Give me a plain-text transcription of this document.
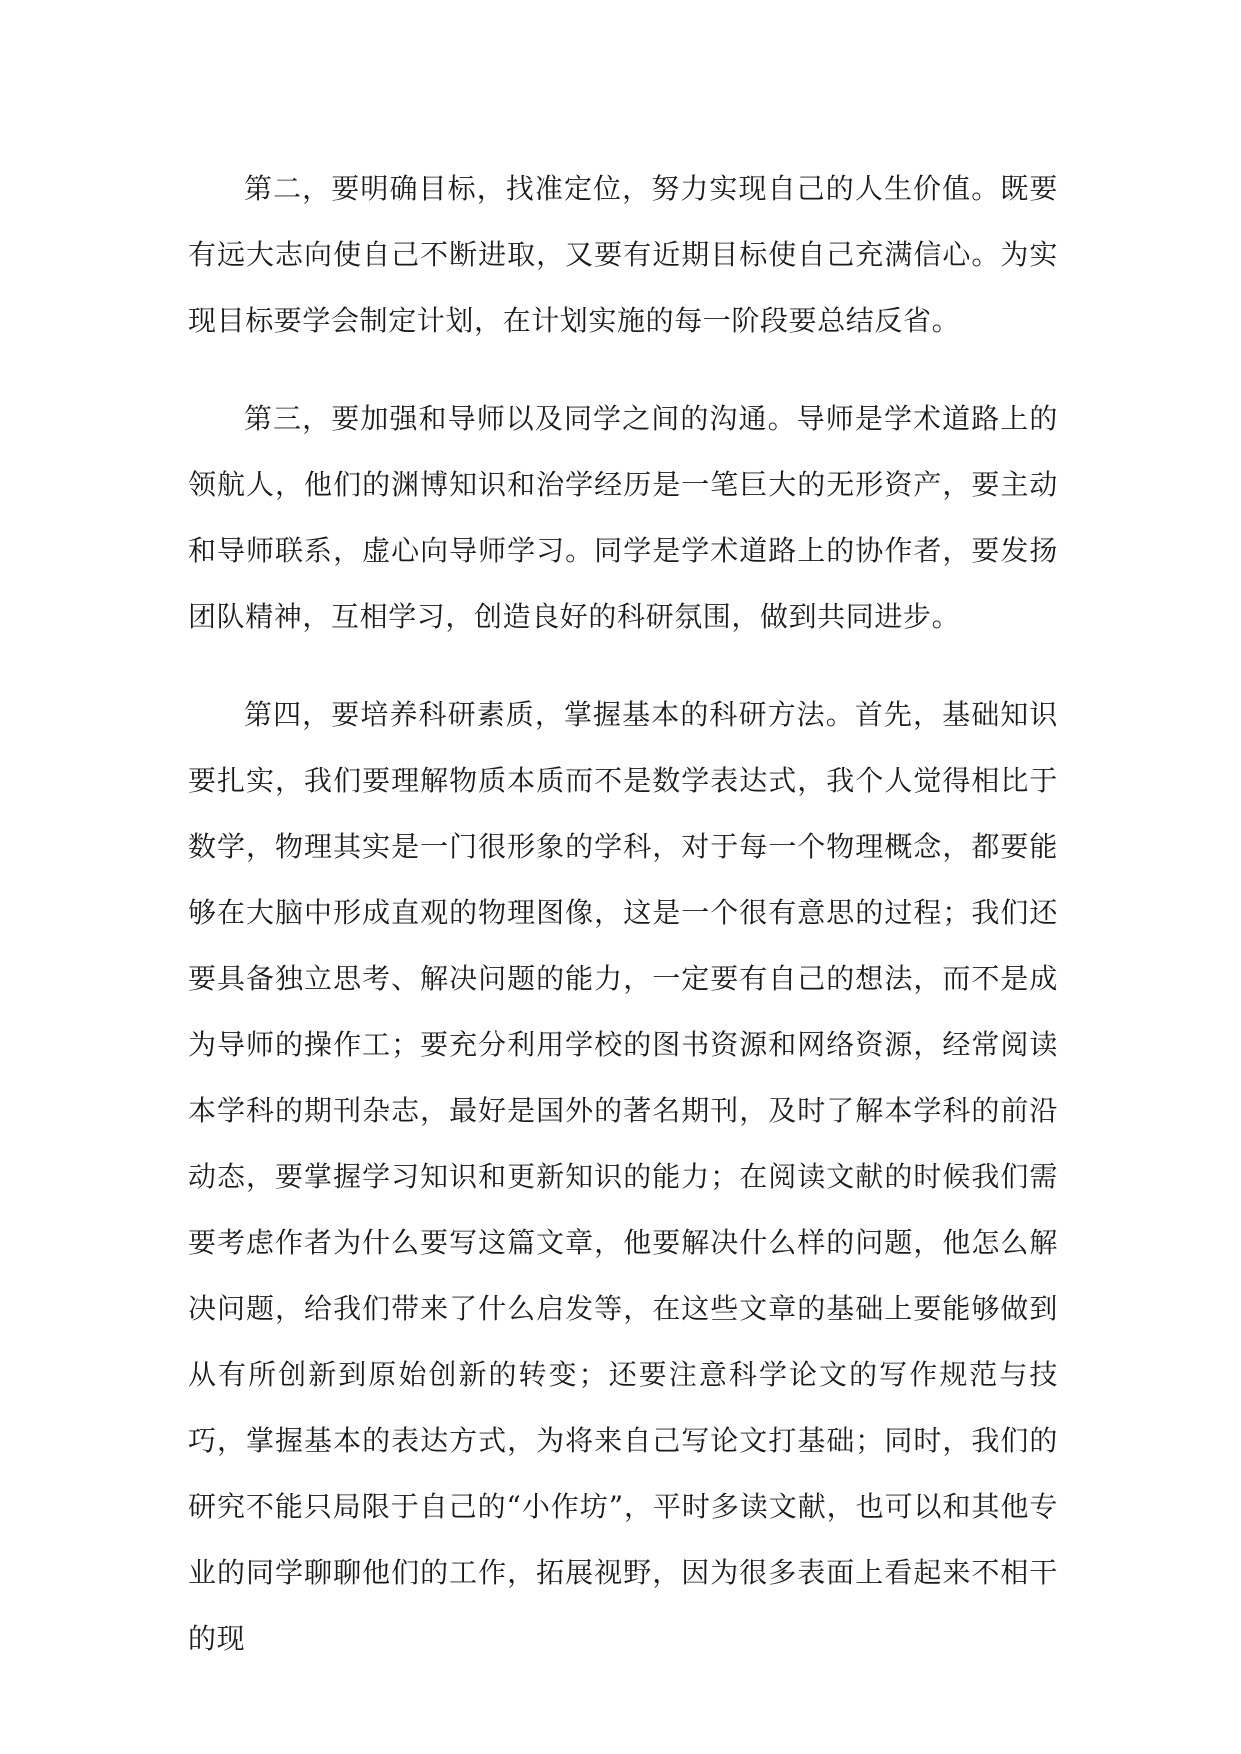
第二，要明确目标，找准定位，努力实现自己的人生价值。既要有远大志向使自己不断进取，又要有近期目标使自己充满信心。为实现目标要学会制定计划，在计划实施的每一阶段要总结反省。

第三，要加强和导师以及同学之间的沟通。导师是学术道路上的领航人，他们的渊博知识和治学经历是一笔巨大的无形资产，要主动和导师联系，虚心向导师学习。同学是学术道路上的协作者，要发扬团队精神，互相学习，创造良好的科研氛围，做到共同进步。

第四，要培养科研素质，掌握基本的科研方法。首先，基础知识要扎实，我们要理解物质本质而不是数学表达式，我个人觉得相比于数学，物理其实是一门很形象的学科，对于每一个物理概念，都要能够在大脑中形成直观的物理图像，这是一个很有意思的过程；我们还要具备独立思考、解决问题的能力，一定要有自己的想法，而不是成为导师的操作工；要充分利用学校的图书资源和网络资源，经常阅读本学科的期刊杂志，最好是国外的著名期刊，及时了解本学科的前沿动态，要掌握学习知识和更新知识的能力；在阅读文献的时候我们需要考虑作者为什么要写这篇文章，他要解决什么样的问题，他怎么解决问题，给我们带来了什么启发等，在这些文章的基础上要能够做到从有所创新到原始创新的转变；还要注意科学论文的写作规范与技巧，掌握基本的表达方式，为将来自己写论文打基础；同时，我们的研究不能只局限于自己的“小作坊”，平时多读文献，也可以和其他专业的同学聊聊他们的工作，拓展视野，因为很多表面上看起来不相干的现
